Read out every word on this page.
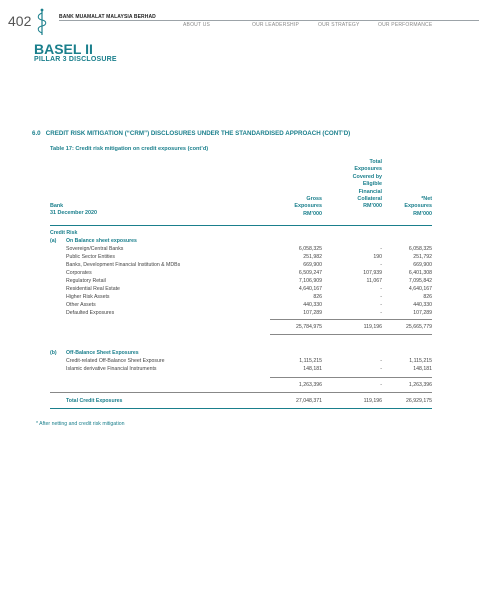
402	BANK MUAMALAT MALAYSIA BERHAD
ABOUT US	OUR LEADERSHIP	OUR STRATEGY	OUR PERFORMANCE
BASEL II
PILLAR 3 DISCLOSURE
6.0 CREDIT RISK MITIGATION (“CRM”) DISCLOSURES UNDER THE STANDARDISED APPROACH (CONT’D)
Table 17: Credit risk mitigation on credit exposures (cont’d)
Bank
31 December 2020
Gross
Exposures
RM’000
Total
Exposures
Covered by
Eligible
Financial
Collateral
RM’000
*Net
Exposures
RM’000
Credit Risk
(a) On Balance sheet exposures
Sovereign/Central Banks	6,058,325	-	6,058,325
Public Sector Entities	251,982	190	251,792
Banks, Development Financial Institution & MDBs	669,900	-	669,900
Corporates	6,509,247	107,939	6,401,308
Regulatory Retail	7,106,909	11,067	7,095,842
Residential Real Estate	4,640,167	-	4,640,167
Higher Risk Assets	826	-	826
Other Assets	440,330	-	440,330
Defaulted Exposures	107,289	-	107,289
25,784,975	119,196	25,665,779
(b) Off-Balance Sheet Exposures
Credit-related Off-Balance Sheet Exposure	1,115,215	-	1,115,215
Islamic derivative Financial Instruments	148,181	-	148,181
1,263,396	-	1,263,396
Total Credit Exposures	27,048,371	119,196	26,929,175
* After netting and credit risk mitigation
